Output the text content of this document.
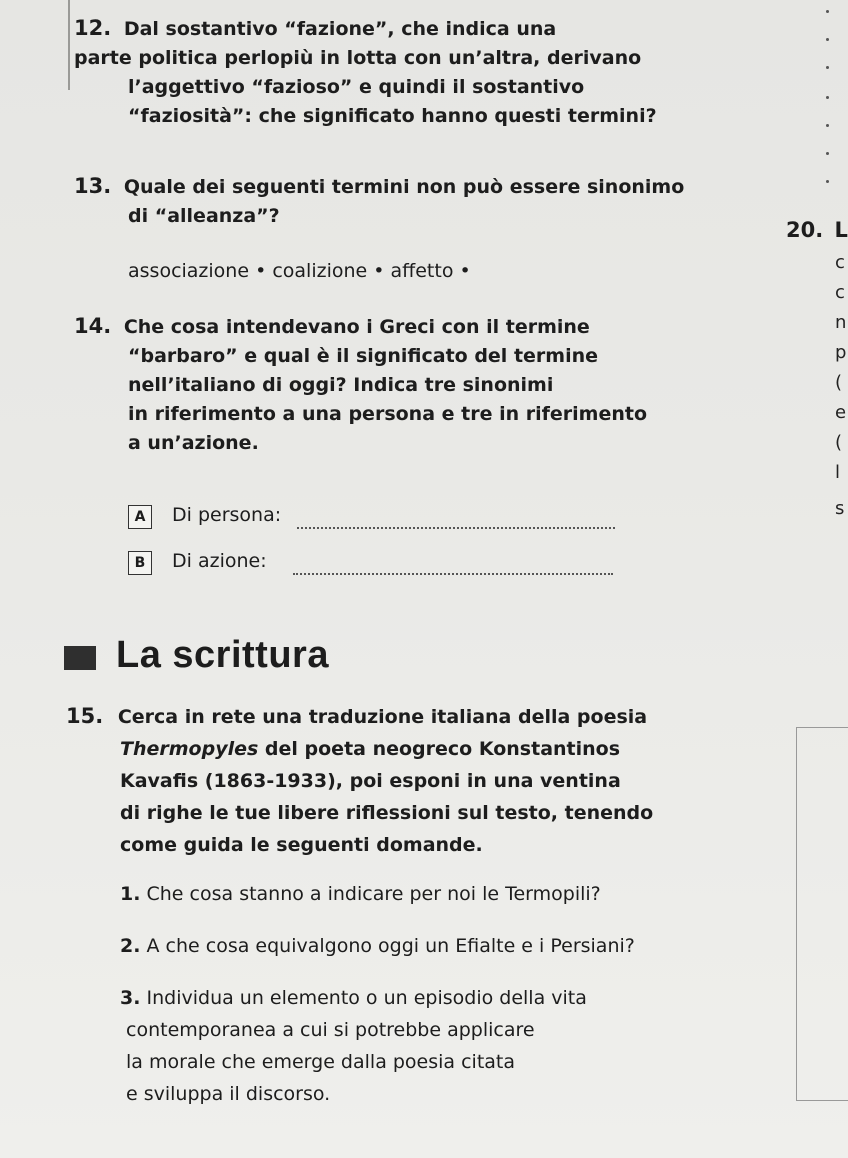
12. Dal sostantivo “fazione”, che indica una
parte politica perlopiù in lotta con un’altra, derivano
l’aggettivo “fazioso” e quindi il sostantivo
“faziosità”: che significato hanno questi termini?
13. Quale dei seguenti termini non può essere sinonimo
di “alleanza”?
associazione • coalizione • affetto •
14. Che cosa intendevano i Greci con il termine
“barbaro” e qual è il significato del termine
nell’italiano di oggi? Indica tre sinonimi
in riferimento a una persona e tre in riferimento
a un’azione.
A Di persona:
B Di azione:
La scrittura
15. Cerca in rete una traduzione italiana della poesia
Thermopyles del poeta neogreco Konstantinos
Kavafis (1863-1933), poi esponi in una ventina
di righe le tue libere riflessioni sul testo, tenendo
come guida le seguenti domande.
1. Che cosa stanno a indicare per noi le Termopili?
2. A che cosa equivalgono oggi un Efialte e i Persiani?
3. Individua un elemento o un episodio della vita
contemporanea a cui si potrebbe applicare
la morale che emerge dalla poesia citata
e sviluppa il discorso.
20. L
c
c
n
p
(
e
(
l
s
